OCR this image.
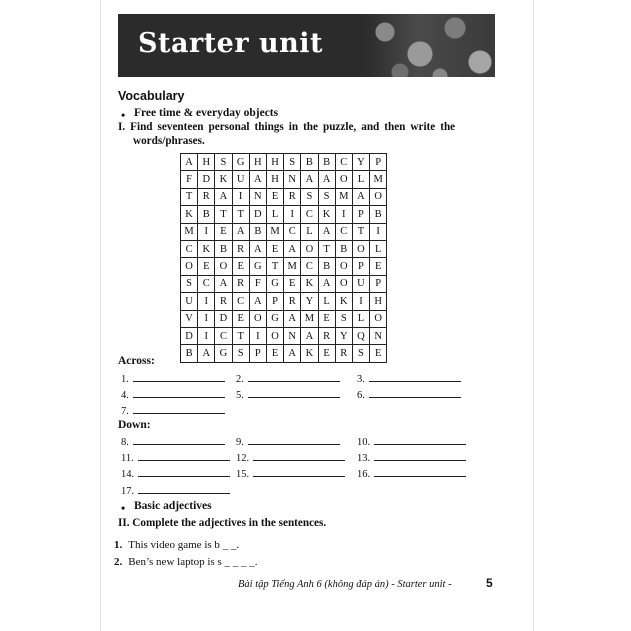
Starter unit
Vocabulary
• Free time & everyday objects
I. Find seventeen personal things in the puzzle, and then write the
words/phrases.
A	H	S	G	H	H	S	B	B	C	Y	P
F	D	K	U	A	H	N	A	A	O	L	M
T	R	A	I	N	E	R	S	S	M	A	O
K	B	T	T	D	L	I	C	K	I	P	B
M	I	E	A	B	M	C	L	A	C	T	I
C	K	B	R	A	E	A	O	T	B	O	L
O	E	O	E	G	T	M	C	B	O	P	E
S	C	A	R	F	G	E	K	A	O	U	P
U	I	R	C	A	P	R	Y	L	K	I	H
V	I	D	E	O	G	A	M	E	S	L	O
D	I	C	T	I	O	N	A	R	Y	Q	N
B	A	G	S	P	E	A	K	E	R	S	E
Across:
Down:
1.	2.	3.
4.	5.	6.
7.
8.	9.	10.
11.	12.	13.
14.	15.	16.
17.
• Basic adjectives
II. Complete the adjectives in the sentences.
1. This video game is b _ _.
2. Ben’s new laptop is s _ _ _ _.
Bài tập Tiếng Anh 6 (không đáp án) - Starter unit -	5
